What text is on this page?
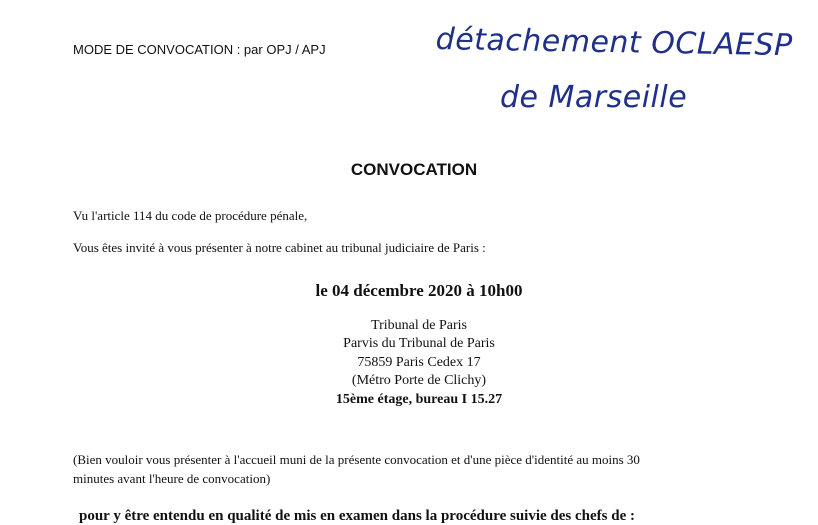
MODE DE CONVOCATION : par OPJ / APJ	détachement OCLAESP
de Marseille
CONVOCATION
Vu l'article 114 du code de procédure pénale,
Vous êtes invité à vous présenter à notre cabinet au tribunal judiciaire de Paris :
le 04 décembre 2020 à 10h00
Tribunal de Paris
Parvis du Tribunal de Paris
75859 Paris Cedex 17
(Métro Porte de Clichy)
15ème étage, bureau I 15.27
(Bien vouloir vous présenter à l'accueil muni de la présente convocation et d'une pièce d'identité au moins 30
minutes avant l'heure de convocation)
pour y être entendu en qualité de mis en examen dans la procédure suivie des chefs de :
